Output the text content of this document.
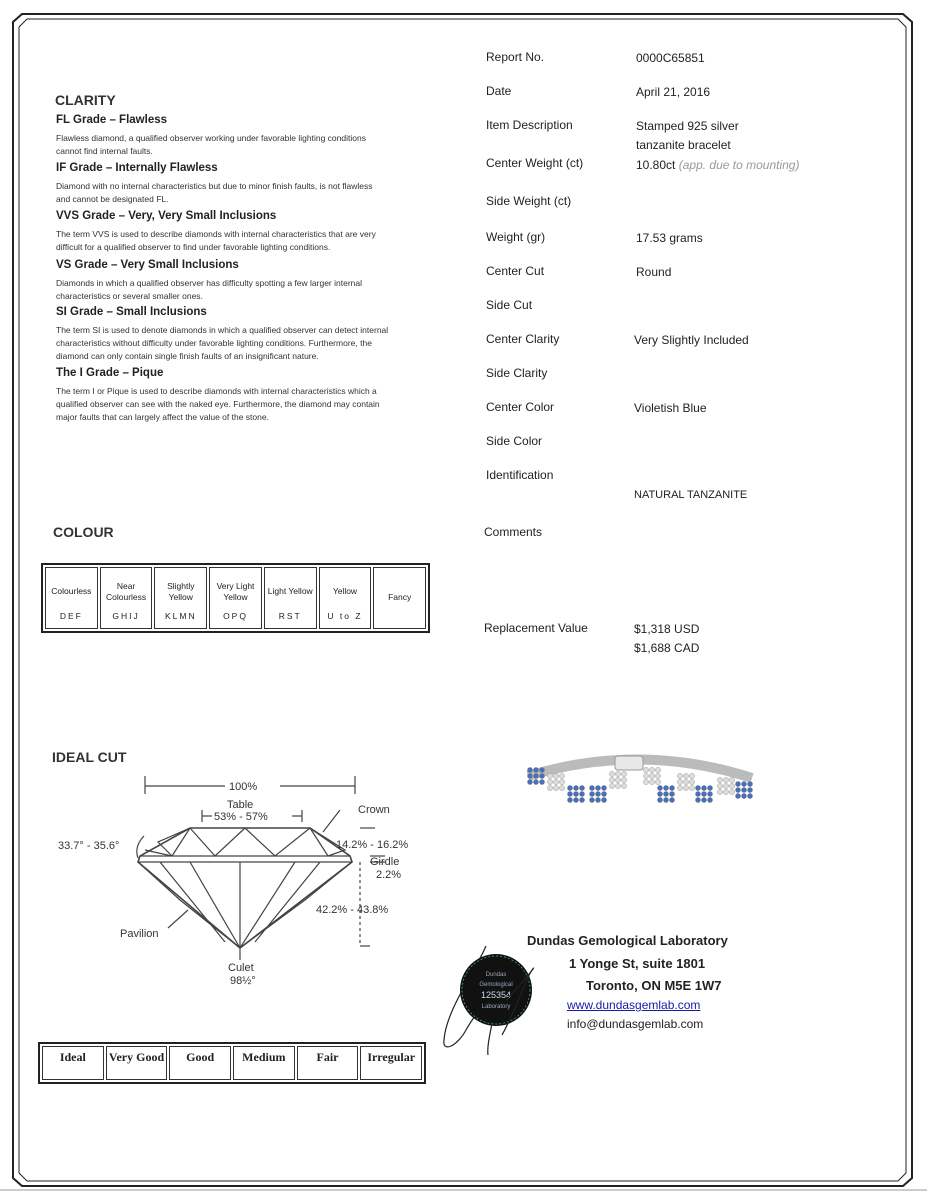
CLARITY
FL Grade – Flawless
Flawless diamond, a qualified observer working under favorable lighting conditions
cannot find internal faults.
IF Grade – Internally Flawless
Diamond with no internal characteristics but due to minor finish faults, is not flawless
and cannot be designated FL.
VVS Grade – Very, Very Small Inclusions
The term VVS is used to describe diamonds with internal characteristics that are very
difficult for a qualified observer to find under favorable lighting conditions.
VS Grade – Very Small Inclusions
Diamonds in which a qualified observer has difficulty spotting a few larger internal
characteristics or several smaller ones.
SI Grade – Small Inclusions
The term SI is used to denote diamonds in which a qualified observer can detect internal
characteristics without difficulty under favorable lighting conditions. Furthermore, the
diamond can only contain single finish faults of an insignificant nature.
The I Grade – Pique
The term I or Pique is used to describe diamonds with internal characteristics which a
qualified observer can see with the naked eye. Furthermore, the diamond may contain
major faults that can largely affect the value of the stone.
Report No.	0000C65851
Date	April 21, 2016
Item Description	Stamped 925 silver
tanzanite bracelet
Center Weight (ct)	10.80ct (app. due to mounting)
Side Weight (ct)
Weight (gr)	17.53 grams
Center Cut	Round
Side Cut
Center Clarity	Very Slightly Included
Side Clarity
Center Color	Violetish Blue
Side Color
Identification
NATURAL TANZANITE
Comments
Replacement Value	$1,318 USD
$1,688 CAD
COLOUR
Colourless
DEF
Near Colourless
GHIJ
Slightly Yellow
KLMN
Very Light Yellow
OPQ
Light Yellow
RST
Yellow
U to Z
Fancy
IDEAL CUT
100%
Table
53% - 57%
Crown
33.7° - 35.6°	14.2% - 16.2%
Girdle
2.2%
42.2% - 43.8%
Pavilion
Culet
98½°
Ideal	Very Good	Good	Medium	Fair	Irregular
Dundas Gemological Laboratory
1 Yonge St, suite 1801
Toronto, ON M5E 1W7
www.dundasgemlab.com
info@dundasgemlab.com
Dundas
Gemological
125354
Laboratory
